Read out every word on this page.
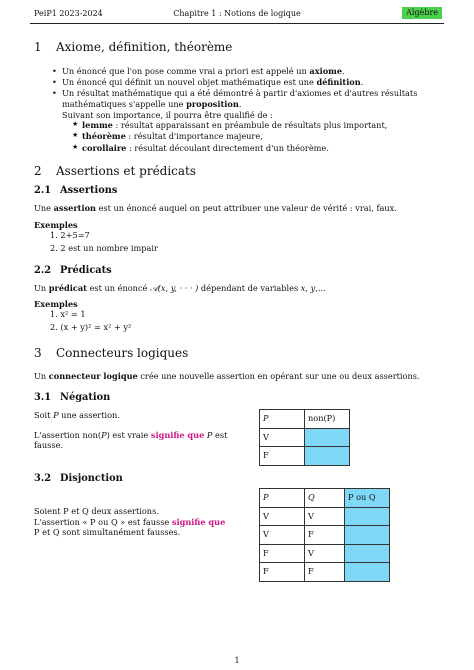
PeiP1 2023-2024	Chapitre 1 : Notions de logique	Algèbre
1 Axiome, définition, théorème
• Un énoncé que l'on pose comme vrai a priori est appelé un axiome.
• Un énoncé qui définit un nouvel objet mathématique est une définition.
• Un résultat mathématique qui a été démontré à partir d'axiomes et d'autres résultats mathématiques s'appelle une proposition.
Suivant son importance, il pourra être qualifié de :
★ lemme : résultat apparaissant en préambule de résultats plus important,
★ théorème : résultat d'importance majeure,
★ corollaire : résultat découlant directement d'un théorème.
2 Assertions et prédicats
2.1 Assertions
Une assertion est un énoncé auquel on peut attribuer une valeur de vérité : vrai, faux.
Exemples
1. 2+5=7
2. 2 est un nombre impair
2.2 Prédicats
Un prédicat est un énoncé 𝒜(x, y, · · · ) dépendant de variables x, y,...
Exemples
1. x² = 1
2. (x + y)² = x² + y²
3 Connecteurs logiques
Un connecteur logique crée une nouvelle assertion en opérant sur une ou deux assertions.
3.1 Négation
Soit P une assertion.
L'assertion non(P) est vraie signifie que P est
fausse.
P	non(P)
V	
F	
3.2 Disjonction
Soient P et Q deux assertions.
L'assertion « P ou Q » est fausse signifie que
P et Q sont simultanément fausses.
P	Q	P ou Q
V	V	
V	F	
F	V	
F	F	
1
